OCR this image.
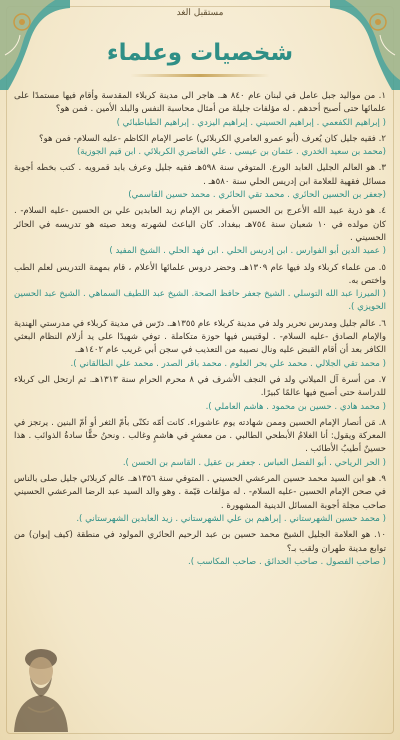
مستقبل الغد
شخصيات وعلماء
١. من مواليد جبل عامل في لبنان عام ٨٤٠ هـ. هاجر الى مدينة كربلاء المقدسة وأقام فيها مستمدًا على علمائها حتى أصبح أحدهم . له مؤلفات جليلة من أمثال محاسبة النفس والبلد الأمين . فمن هو؟
( إبراهيم الكفعمي . إبراهيم الحسيني . إبراهيم اليزدي . إبراهيم الطباطبائي )
٢. فقيه جليل كان يُعرف (أبو عمرو العامري الكربلائي) عاصر الإمام الكاظم -عليه السلام- فمن هو؟
(محمد بن سعيد الخدري . عثمان بن عيسى . علي الغاضري الكربلائي . ابن قيم الجوزية)
٣. هو العالم الجليل العابد الورع. المتوفي سنة ٥٩٨هـ فقيه جليل وعرف بابد قمرويه . كتب بخطه أجوبة مسائل فقهية للعلامة ابن إدريس الحلي سنة ٥٨٠هـ .
(جعفر بن الحسين الحائري . محمد تقي الحائري . محمد حسين القاسمي)
٤. هو ذرية عبيد الله الأعرج بن الحسين الأصغر بن الإمام زيد العابدين علي بن الحسين -عليه السلام- . كان مولده في ١٠ شعبان سنة ٧٥٤هـ ببغداد. كان الباعث لشهرته وبعد صيته هو تدريسه في الحائر الحسيني .
( عميد الدين أبو الفوارس . ابن إدريس الحلي . ابن فهد الحلي . الشيخ المفيد )
٥. من علماء كربلاء ولد فيها عام ١٣٠٩هـ. وحضر دروس علمائها الأعلام ، قام بمهمة التدريس لعلم الطب واختص به.
( الميرزا عبد الله التوسلي . الشيخ جعفر حافظ الصحة. الشيخ عبد اللطيف السماهي . الشيخ عبد الحسين الحويزي ).
٦. عالم جليل ومدرس نحرير ولد في مدينة كربلاء عام ١٣٥٥هـ. درّس في مدينة كربلاء في مدرستي الهندية والإمام الصادق -عليه السلام- . لوقتيس فيها حوزة متكاملة . توفي شهيدًا على يد أزلام النظام البعثي الكافر بعد أن أقام القبض عليه ونال نصيبه من التعذيب في سجن أبي غريب عام ١٤٠٢هـ.
( محمد تقي الجلالي . محمد علي بحر العلوم . محمد باقر الصدر . محمد علي الطالقاني ).
٧. من أسرة آل الميلاني ولد في النجف الأشرف في ٨ محرم الحرام سنة ١٣١٣هـ. ثم ارتحل الى كربلاء للدراسة حتى أصبح فيها عالمًا كبيرًا.
( محمد هادي . حسين بن محمود . هاشم العاملي ).
٨. مَن أنصار الإمام الحسين وممن شهادته يوم عاشوراء. كانت أمّه تكنّى بأمّ الثغر أو أمّ البنين . يرتجز في المعركة ويقول: أنا الغلامُ الأبطحي الطالبي . من معشرٍ في هاشمٍ وغالب . ونحنُ حقًّا سادةُ الذوائب . هذا حسينٌ أطيبُ الأطائب .
( الحر الرياحي . أبو الفضل العباس . جعفر بن عقيل . القاسم بن الحسن ).
٩. هو ابن السيد محمد حسين المرعشي الحسيني . المتوفي سنة ١٣٥٦هـ. عالم كربلائي جليل صلى بالناس في صحن الإمام الحسين -عليه السلام- . له مؤلفات قيّمة . وهو والد السيد عبد الرضا المرعشي الحسيني صاحب مجلة أجوبة المسائل الدينية المشهورة .
( محمد حسين الشهرستاني . إبراهيم بن علي الشهرستاني . زيد العابدين الشهرستاني ).
١٠. هو العلامة الجليل الشيخ محمد حسين بن عبد الرحيم الحائري المولود في منطقة (كيف إيوان) من توابع مدينة طهران ولقب بـ؟
( صاحب الفصول . صاحب الحدائق . صاحب المكاسب ).
